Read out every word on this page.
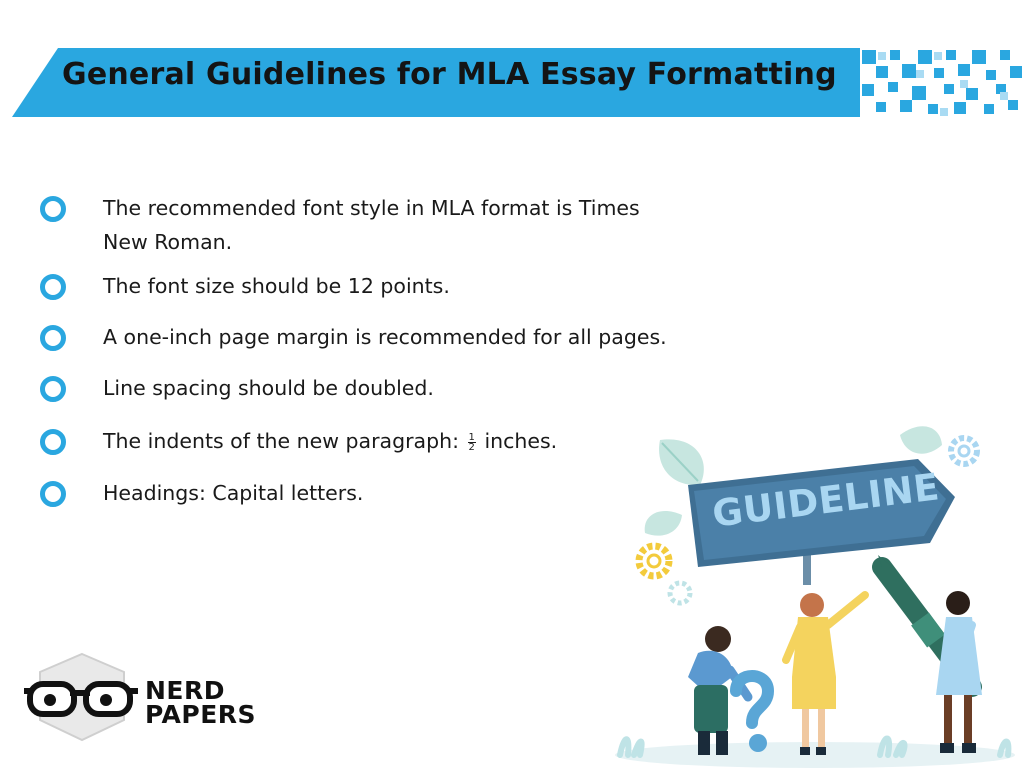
General Guidelines for MLA Essay Formatting
The recommended font style in MLA format is Times
New Roman.
The font size should be 12 points.
A one-inch page margin is recommended for all pages.
Line spacing should be doubled.
The indents of the new paragraph: $\frac{1}{2}$ inches.
Headings: Capital letters.
NERD
PAPERS
GUIDELINE
